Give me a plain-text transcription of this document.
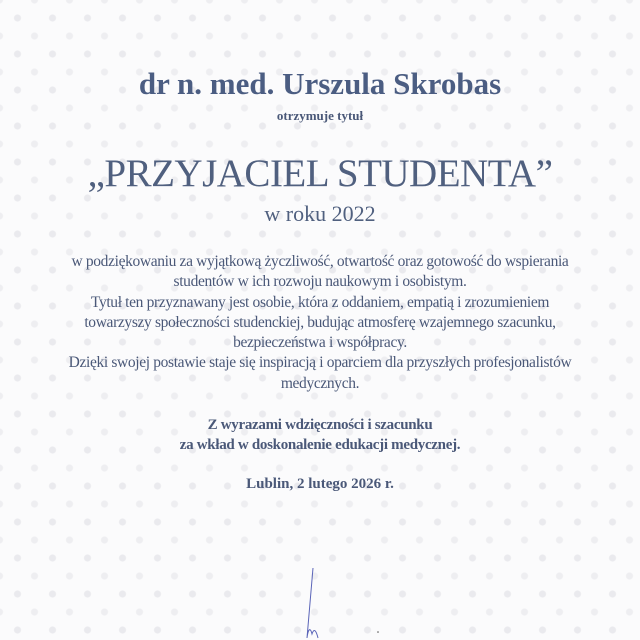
dr n. med. Urszula Skrobas
otrzymuje tytuł
„PRZYJACIEL STUDENTA”
w roku 2022
w podziękowaniu za wyjątkową życzliwość, otwartość oraz gotowość do wspierania
studentów w ich rozwoju naukowym i osobistym.
Tytuł ten przyznawany jest osobie, która z oddaniem, empatią i zrozumieniem
towarzyszy społeczności studenckiej, budując atmosferę wzajemnego szacunku,
bezpieczeństwa i współpracy.
Dzięki swojej postawie staje się inspiracją i oparciem dla przyszłych profesjonalistów
medycznych.
Z wyrazami wdzięczności i szacunku
za wkład w doskonalenie edukacji medycznej.
Lublin, 2 lutego 2026 r.
